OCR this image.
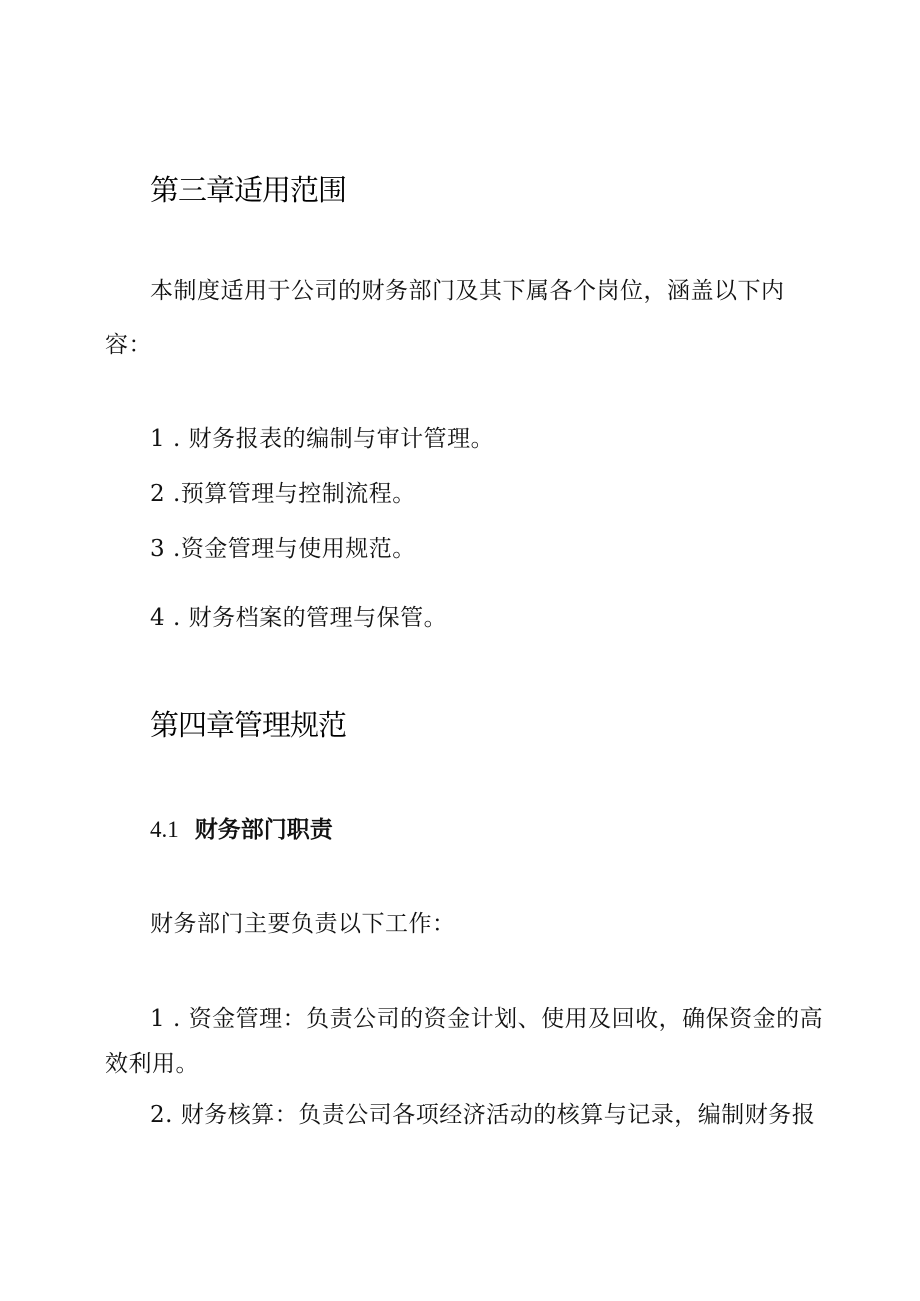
第三章适用范围

本制度适用于公司的财务部门及其下属各个岗位，涵盖以下内

容：

1 . 财务报表的编制与审计管理。

2 .预算管理与控制流程。

3 .资金管理与使用规范。

4 . 财务档案的管理与保管。

第四章管理规范
4.1 财务部门职责

财务部门主要负责以下工作：

1 . 资金管理：负责公司的资金计划、使用及回收，确保资金的高

效利用。

2. 财务核算：负责公司各项经济活动的核算与记录，编制财务报
